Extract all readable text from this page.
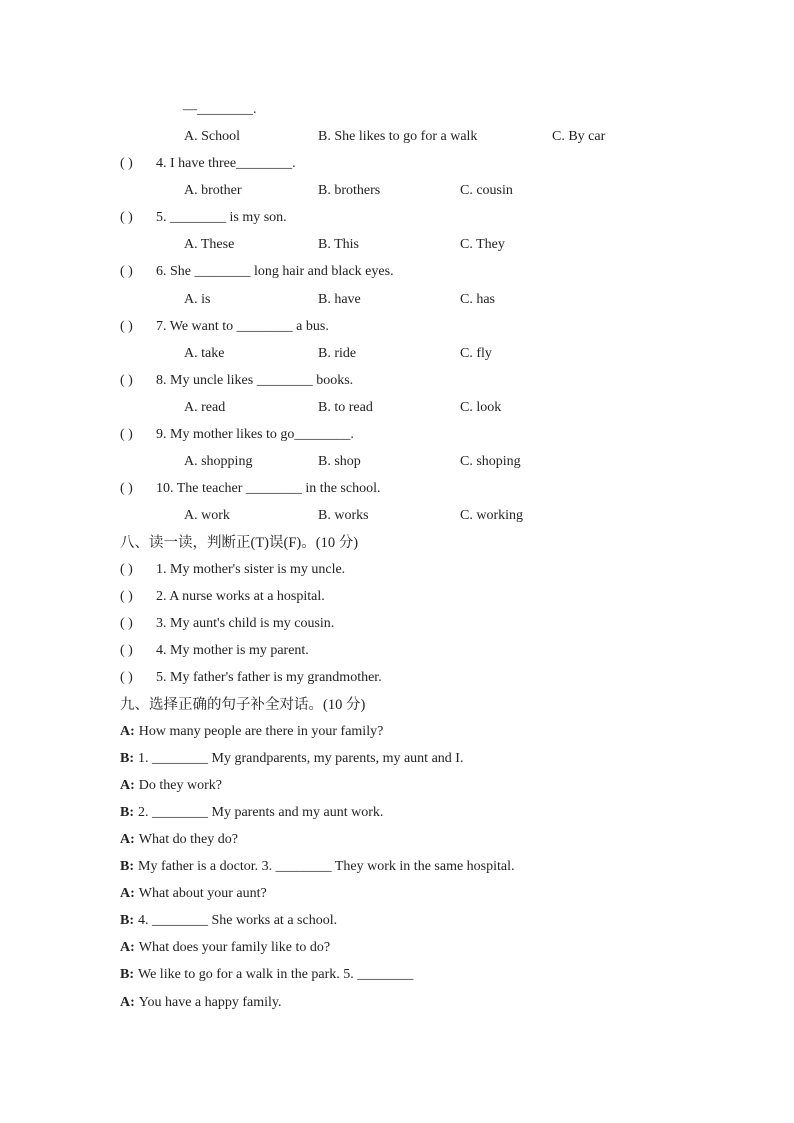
—________.
A. School	B. She likes to go for a walk	C. By car
( ) 4. I have three________.
A. brother	B. brothers	C. cousin
( ) 5. ________ is my son.
A. These	B. This	C. They
( ) 6. She ________ long hair and black eyes.
A. is	B. have	C. has
( ) 7. We want to ________ a bus.
A. take	B. ride	C. fly
( ) 8. My uncle likes ________ books.
A. read	B. to read	C. look
( ) 9. My mother likes to go________.
A. shopping	B. shop	C. shoping
( ) 10. The teacher ________ in the school.
A. work	B. works	C. working
八、读一读，判断正(T)误(F)。(10 分)
( ) 1. My mother's sister is my uncle.
( ) 2. A nurse works at a hospital.
( ) 3. My aunt's child is my cousin.
( ) 4. My mother is my parent.
( ) 5. My father's father is my grandmother.
九、选择正确的句子补全对话。(10 分)
A: How many people are there in your family?
B: 1. ________ My grandparents, my parents, my aunt and I.
A: Do they work?
B: 2. ________ My parents and my aunt work.
A: What do they do?
B: My father is a doctor. 3. ________ They work in the same hospital.
A: What about your aunt?
B: 4. ________ She works at a school.
A: What does your family like to do?
B: We like to go for a walk in the park. 5. ________
A: You have a happy family.
